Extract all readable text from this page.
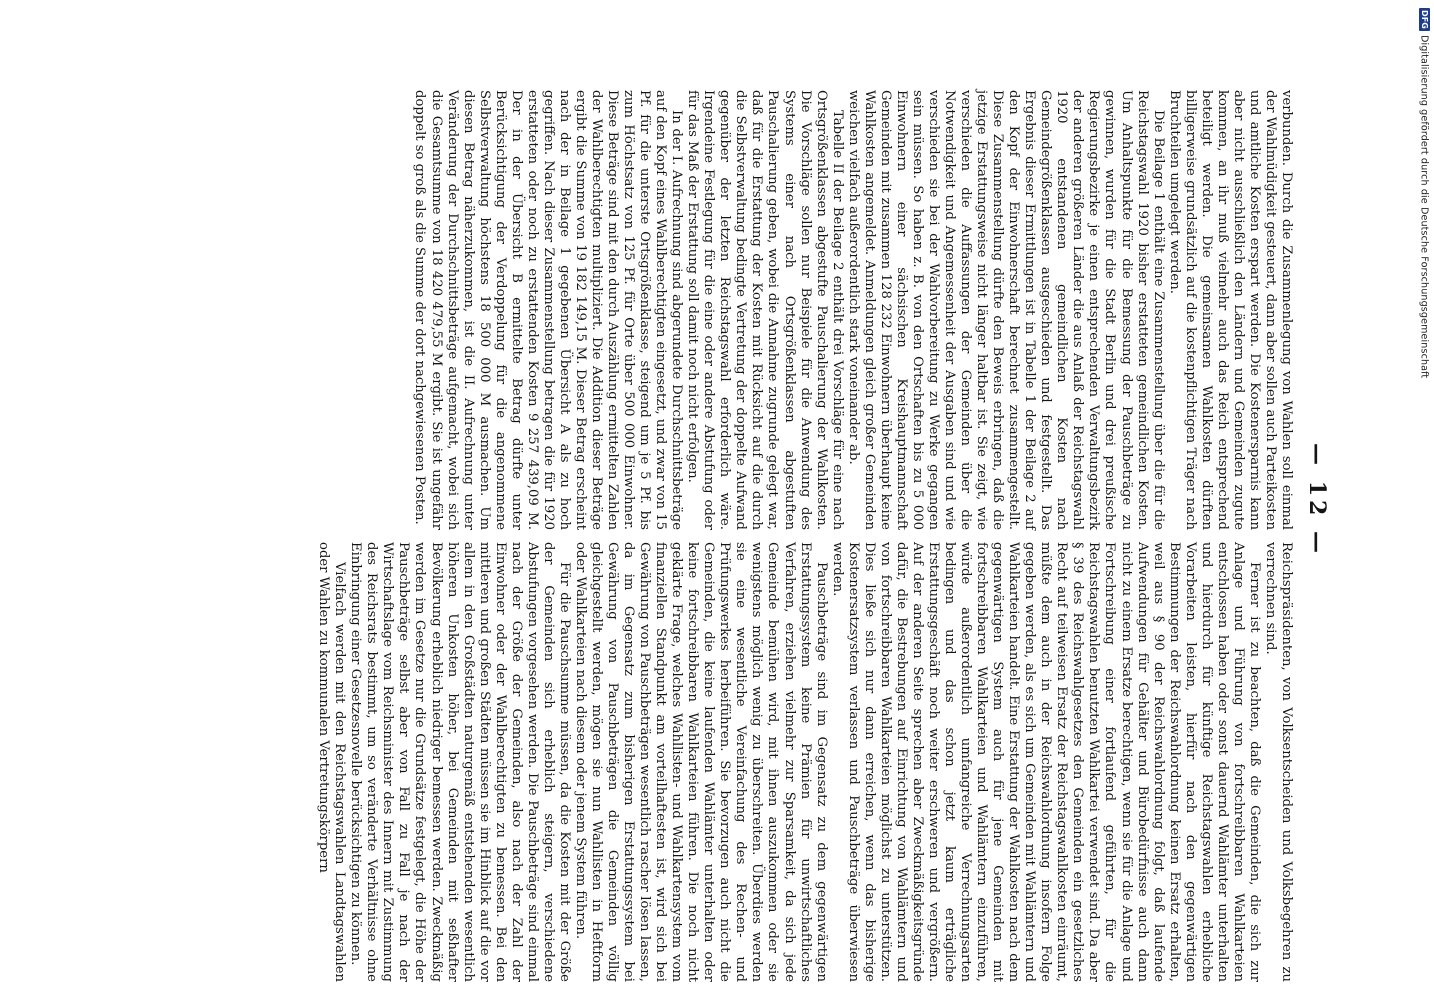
DFGDigitalisierung gefördert durch die Deutsche Forschungsgemeinschaft
— 12 —

verbunden. Durch die Zusammenlegung von Wahlen soll einmal der Wahlmüdigkeit gesteuert, dann aber sollen auch Parteikosten und amtliche Kosten erspart werden. Die Kostenersparnis kann aber nicht ausschließlich den Ländern und Gemeinden zugute kommen, an ihr muß vielmehr auch das Reich entsprechend beteiligt werden. Die gemeinsamen Wahlkosten dürften billigerweise grundsätzlich auf die kostenpflichtigen Träger nach Bruchteilen umgelegt werden.

Die Beilage 1 enthält eine Zusammenstellung über die für die Reichstagswahl 1920 bisher erstatteten gemeindlichen Kosten. Um Anhaltspunkte für die Bemessung der Pauschbeträge zu gewinnen, wurden für die Stadt Berlin und drei preußische Regierungsbezirke je einen entsprechenden Verwaltungsbezirk der anderen größeren Länder die aus Anlaß der Reichstagswahl 1920 entstandenen gemeindlichen Kosten nach Gemeindegrößenklassen ausgeschieden und festgestellt. Das Ergebnis dieser Ermittlungen ist in Tabelle 1 der Beilage 2 auf den Kopf der Einwohnerschaft berechnet zusammengestellt. Diese Zusammenstellung dürfte den Beweis erbringen, daß die jetzige Erstattungsweise nicht länger haltbar ist. Sie zeigt, wie verschieden die Auffassungen der Gemeinden über die Notwendigkeit und Angemessenheit der Ausgaben sind und wie verschieden sie bei der Wahlvorbereitung zu Werke gegangen sein müssen. So haben z. B. von den Ortschaften bis zu 5 000 Einwohnern einer sächsischen Kreishauptmannschaft Gemeinden mit zusammen 128 232 Einwohnern überhaupt keine Wahlkosten angemeldet. Anmeldungen gleich großer Gemeinden weichen vielfach außerordentlich stark voneinander ab.

Tabelle II der Beilage 2 enthält drei Vorschläge für eine nach Ortsgrößenklassen abgestufte Pauschalierung der Wahlkosten. Die Vorschläge sollen nur Beispiele für die Anwendung des Systems einer nach Ortsgrößenklassen abgestuften Pauschalierung geben, wobei die Annahme zugrunde gelegt war, daß für die Erstattung der Kosten mit Rücksicht auf die durch die Selbstverwaltung bedingte Vertretung der doppelte Aufwand gegenüber der letzten Reichstagswahl erforderlich wäre. Irgendeine Festlegung für die eine oder andere Abstufung oder für das Maß der Erstattung soll damit noch nicht erfolgen.

In der I. Aufrechnung sind abgerundete Durchschnittsbeträge auf den Kopf eines Wahlberechtigten eingesetzt, und zwar von 15 Pf. für die unterste Ortsgrößenklasse, steigend um je 5 Pf. bis zum Höchstsatz von 125 Pf. für Orte über 500 000 Einwohner. Diese Beträge sind mit den durch Auszählung ermittelten Zahlen der Wahlberechtigten multipliziert. Die Addition dieser Beträge ergibt die Summe von 19 182 149,15 M. Dieser Betrag erscheint nach der in Beilage 1 gegebenen Übersicht A als zu hoch gegriffen. Nach dieser Zusammenstellung betragen die für 1920 erstatteten oder noch zu erstattenden Kosten 9 257 439,09 M. Der in der Übersicht B ermittelte Betrag dürfte unter Berücksichtigung der Verdoppelung für die angenommene Selbstverwaltung höchstens 18 500 000 M ausmachen. Um diesen Betrag näherzukommen, ist die II. Aufrechnung unter Veränderung der Durchschnittsbeträge aufgemacht, wobei sich die Gesamtsumme von 18 420 479,55 M ergibt. Sie ist ungefähr doppelt so groß als die Summe der dort nachgewiesenen Posten.

Reichspräsidenten, von Volksentscheiden und Volksbegehren zu verrechnen sind.

Ferner ist zu beachten, daß die Gemeinden, die sich zur Anlage und Führung von fortschreibbaren Wahlkarteien entschlossen haben oder sonst dauernd Wahlämter unterhalten und hierdurch für künftige Reichstagswahlen erhebliche Vorarbeiten leisten, hierfür nach den gegenwärtigen Bestimmungen der Reichswahlordnung keinen Ersatz erhalten, weil aus § 90 der Reichswahlordnung folgt, daß laufende Aufwendungen für Gehälter und Bürobedürfnisse auch dann nicht zu einem Ersatze berechtigen, wenn sie für die Anlage und Fortschreibung einer fortlaufend geführten, für die Reichstagswahlen benutzten Wahlkartei verwendet sind. Da aber § 39 des Reichswahlgesetzes den Gemeinden ein gesetzliches Recht auf teilweisen Ersatz der Reichstagswahlkosten einräumt, müßte dem auch in der Reichswahlordnung insofern Folge gegeben werden, als es sich um Gemeinden mit Wahlämtern und Wahlkarteien handelt. Eine Erstattung der Wahlkosten nach dem gegenwärtigen System auch für jene Gemeinden mit fortschreibbaren Wahlkarteien und Wahlämtern einzuführen, würde außerordentlich umfangreiche Verrechnungsarten bedingen und das schon jetzt kaum erträgliche Erstattungsgeschäft noch weiter erschweren und vergrößern. Auf der anderen Seite sprechen aber Zweckmäßigkeitsgründe dafür, die Bestrebungen auf Einrichtung von Wahlämtern und von fortschreibbaren Wahlkarteien möglichst zu unterstützen. Dies ließe sich nur dann erreichen, wenn das bisherige Kostenersatzsystem verlassen und Pauschbeträge überwiesen werden.

Pauschbeträge sind im Gegensatz zu dem gegenwärtigen Erstattungssystem keine Prämien für unwirtschaftliches Verfahren, erziehen vielmehr zur Sparsamkeit, da sich jede Gemeinde bemühen wird, mit ihnen auszukommen oder sie wenigstens möglich wenig zu überschreiten. Überdies werden sie eine wesentliche Vereinfachung des Rechen- und Prüfungswerkes herbeiführen. Sie bevorzugen auch nicht die Gemeinden, die keine laufenden Wahlämter unterhalten oder keine fortschreibbaren Wahlkarteien führen. Die noch nicht geklärte Frage, welches Wahllisten- und Wahlkartensystem vom finanziellen Standpunkt am vorteilhaftesten ist, wird sich bei Gewährung von Pauschbeträgen wesentlich rascher lösen lassen, da im Gegensatz zum bisherigen Erstattungssystem bei Gewährung von Pauschbeträgen die Gemeinden völlig gleichgestellt werden, mögen sie nun Wahllisten in Heftform oder Wahlkarteien nach diesem oder jenem System führen.

Für die Pauschsumme müssen, da die Kosten mit der Größe der Gemeinden sich erheblich steigern, verschiedene Abstufungen vorgesehen werden. Die Pauschbeträge sind einmal nach der Größe der Gemeinden, also nach der Zahl der Einwohner oder der Wahlberechtigten zu bemessen. Bei den mittleren und großen Städten müssen sie im Hinblick auf die vor allem in den Großstädten naturgemäß entstehenden wesentlich höheren Unkosten höher, bei Gemeinden mit seßhafter Bevölkerung erheblich niedriger bemessen werden. Zweckmäßig werden im Gesetze nur die Grundsätze festgelegt, die Höhe der Pauschbeträge selbst aber von Fall zu Fall je nach der Wirtschaftslage vom Reichsminister des Innern mit Zustimmung des Reichsrats bestimmt, um so veränderte Verhältnisse ohne Einbringung einer Gesetzesnovelle berücksichtigen zu können.

Vielfach werden mit den Reichstagswahlen Landtagswahlen oder Wahlen zu kommunalen Vertretungskörpern
